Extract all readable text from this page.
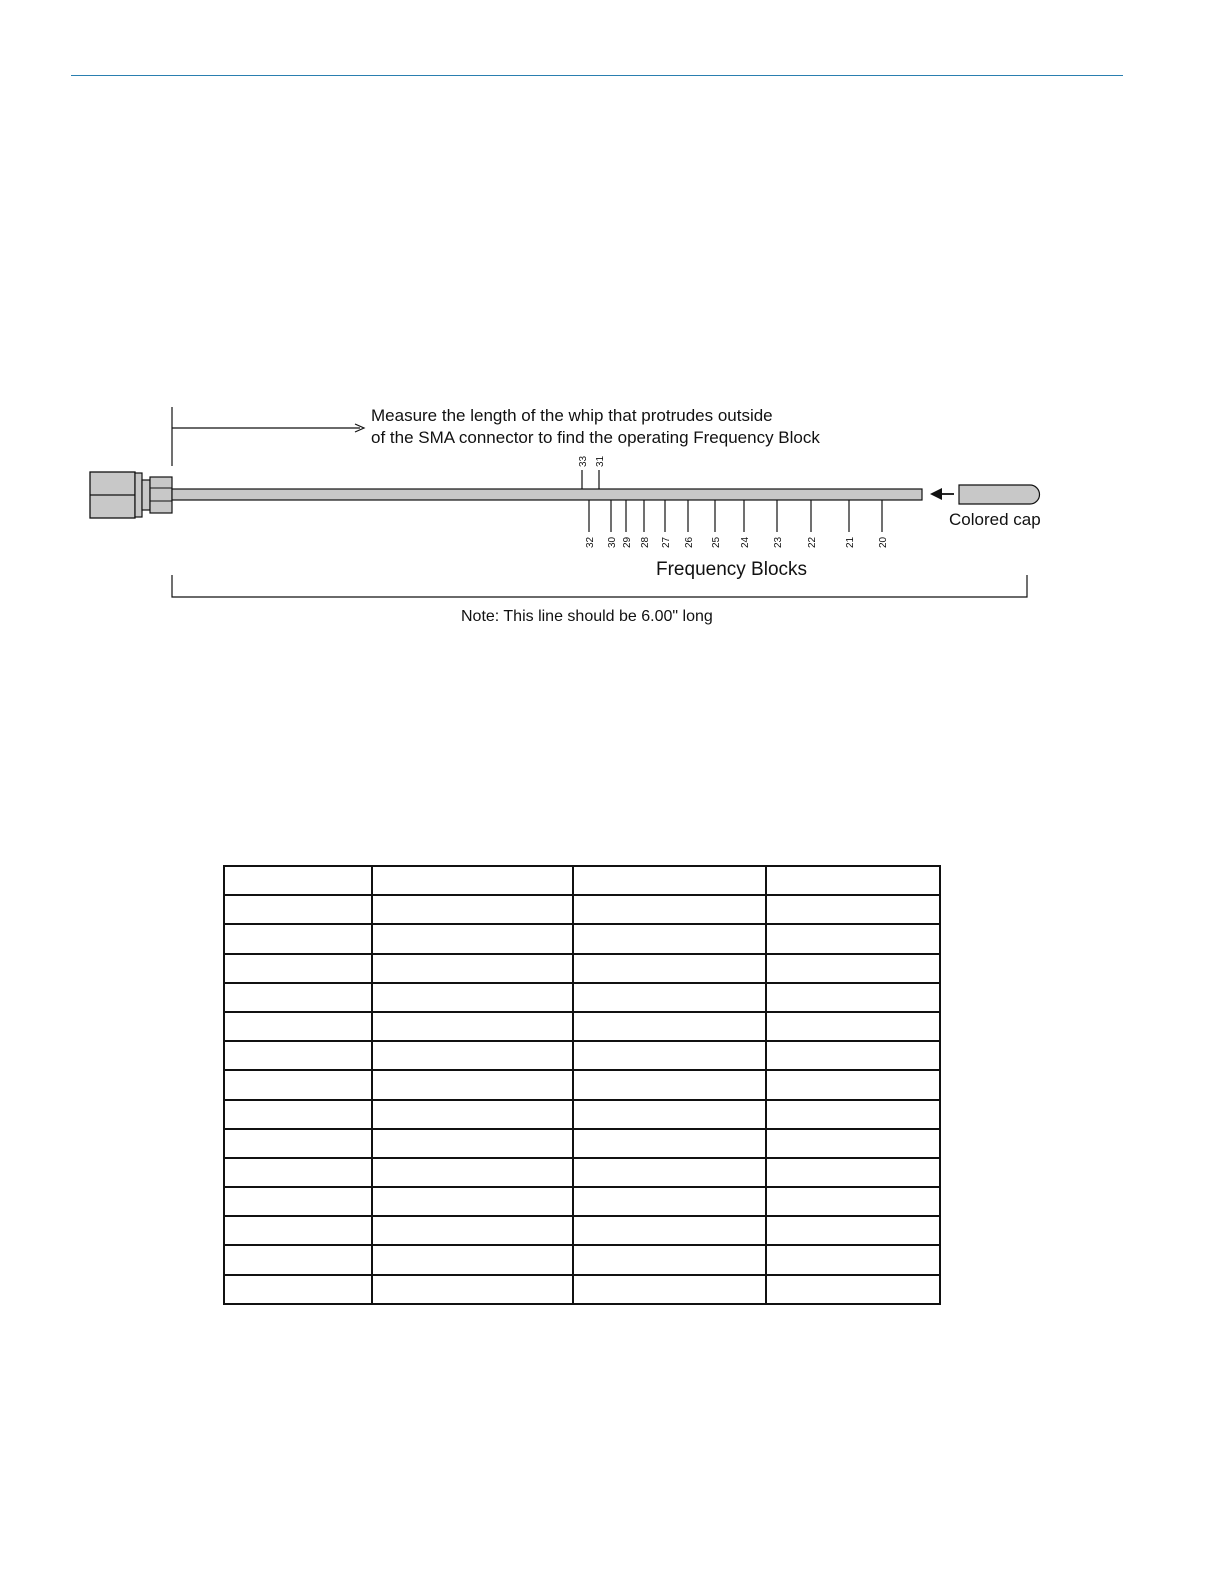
Measure the length of the whip that protrudes outside
of the SMA connector to find the operating Frequency Block
33 31
32 30 29 28 27 26 25 24 23 22	21 20
Colored cap
Frequency Blocks
Note: This line should be 6.00" long
